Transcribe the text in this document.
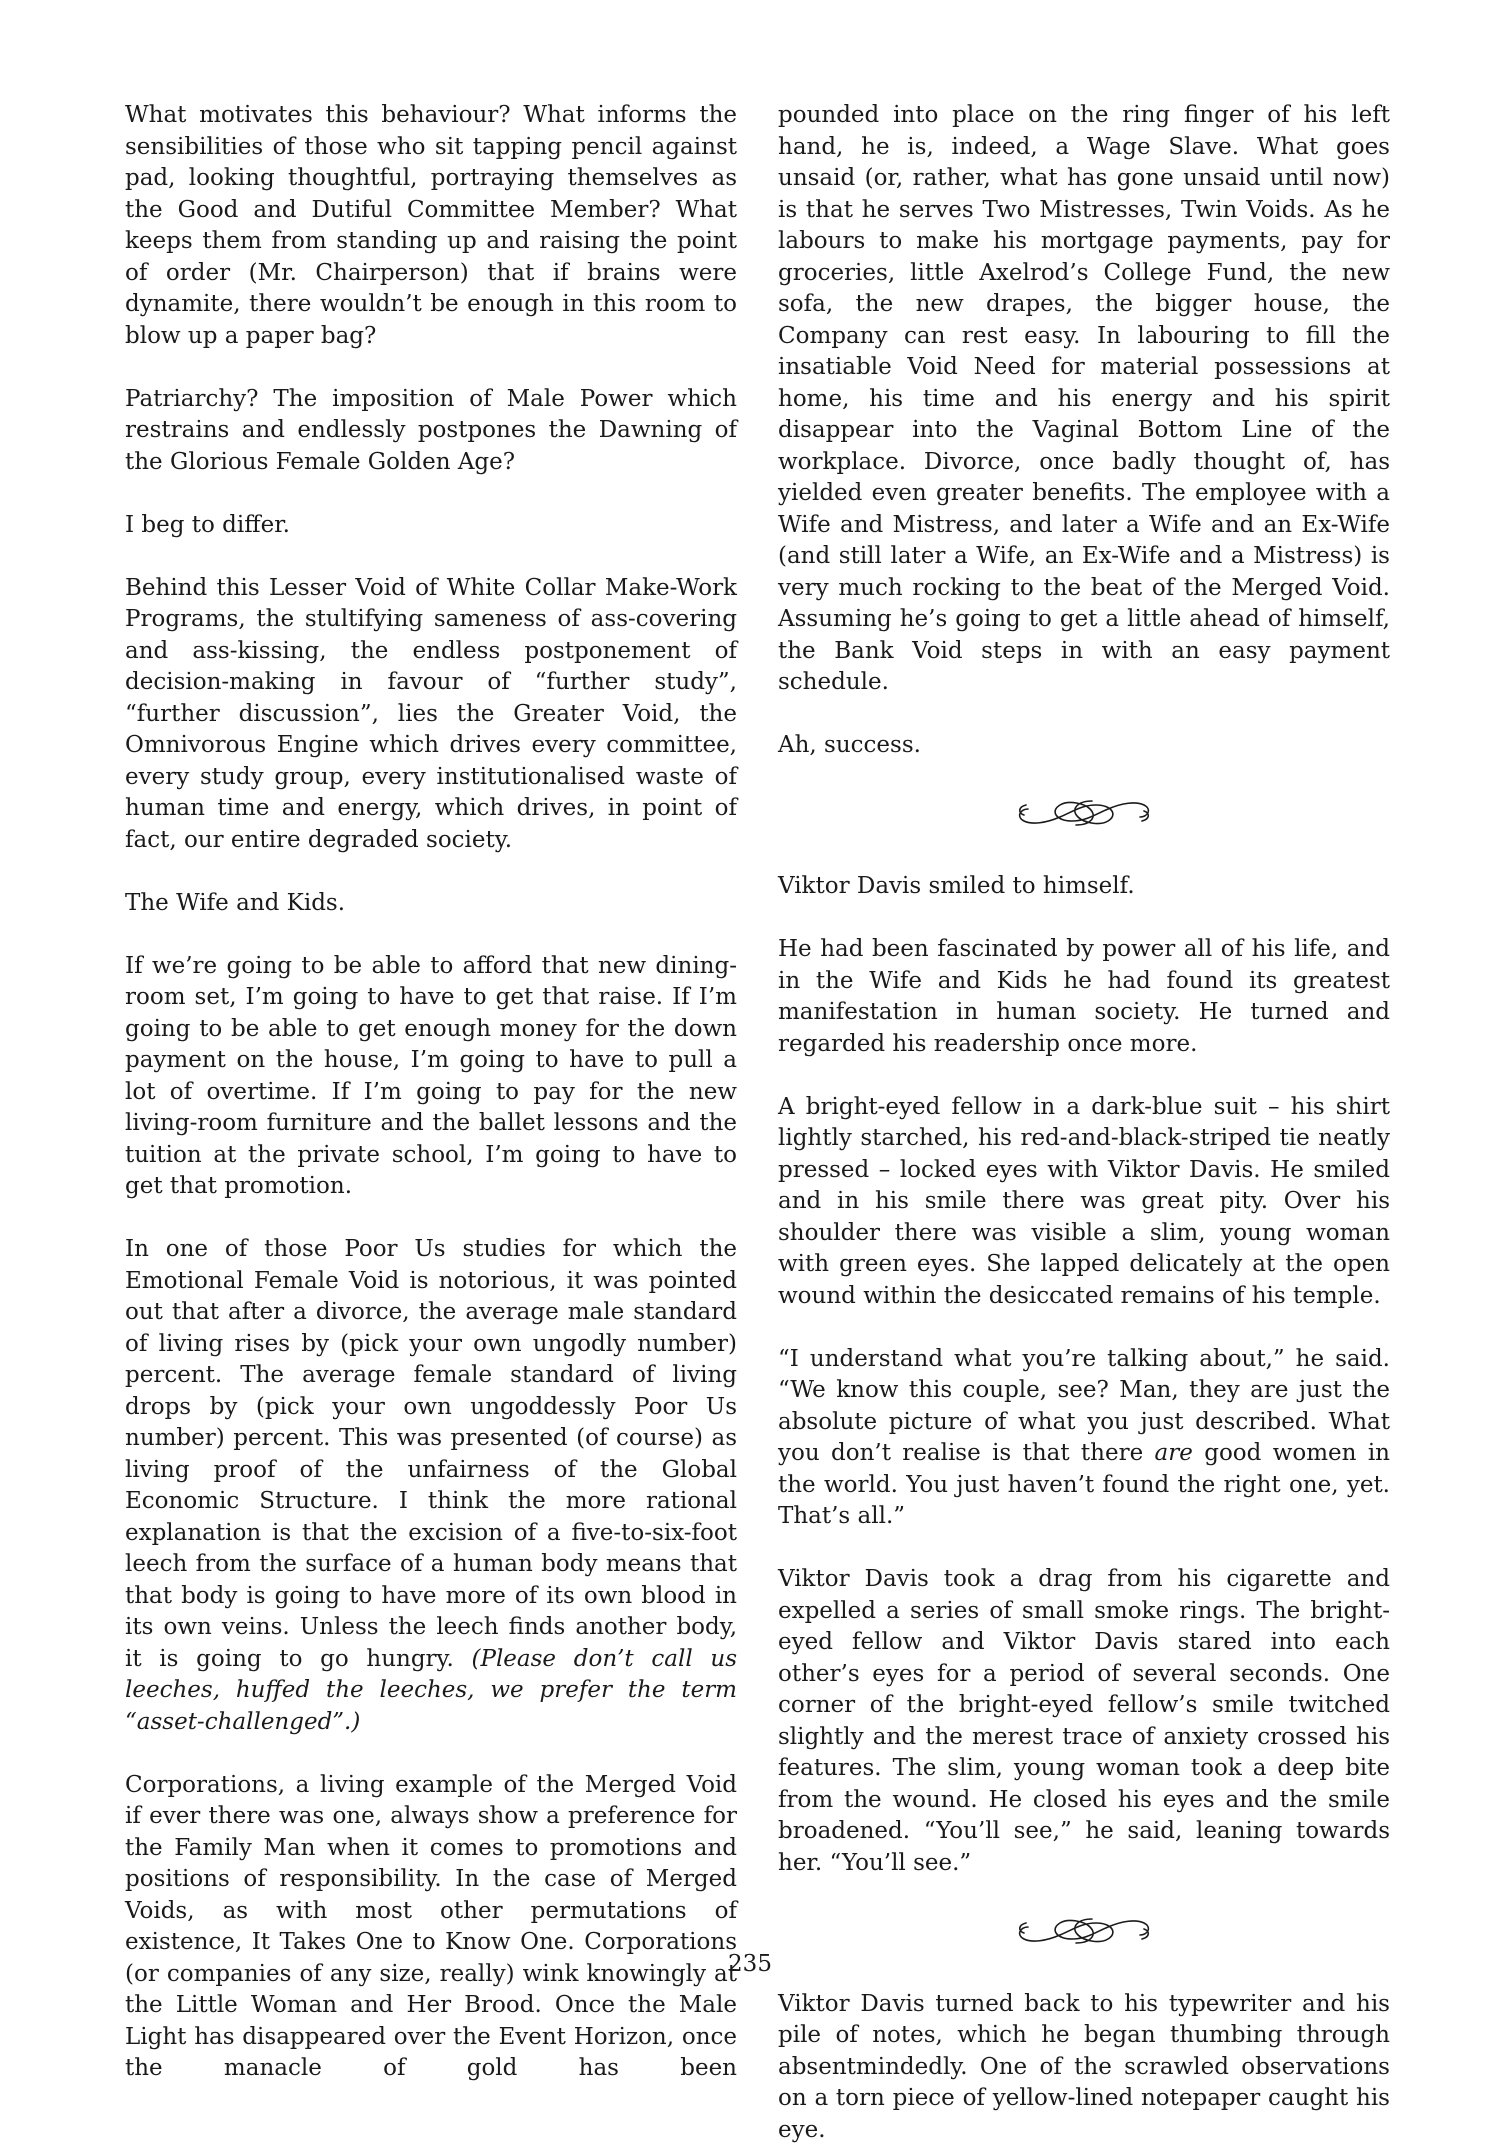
What motivates this behaviour? What informs the sensibilities of those who sit tapping pencil against pad, looking thoughtful, portraying themselves as the Good and Dutiful Committee Member? What keeps them from standing up and raising the point of order (Mr. Chairperson) that if brains were dynamite, there wouldn’t be enough in this room to blow up a paper bag?

Patriarchy? The imposition of Male Power which restrains and endlessly postpones the Dawning of the Glorious Female Golden Age?

I beg to differ.

Behind this Lesser Void of White Collar Make-Work Programs, the stultifying sameness of ass-covering and ass-kissing, the endless postponement of decision-making in favour of “further study”, “further discussion”, lies the Greater Void, the Omnivorous Engine which drives every committee, every study group, every institutionalised waste of human time and energy, which drives, in point of fact, our entire degraded society.

The Wife and Kids.

If we’re going to be able to afford that new dining-room set, I’m going to have to get that raise. If I’m going to be able to get enough money for the down payment on the house, I’m going to have to pull a lot of overtime. If I’m going to pay for the new living-room furniture and the ballet lessons and the tuition at the private school, I’m going to have to get that promotion.

In one of those Poor Us studies for which the Emotional Female Void is notorious, it was pointed out that after a divorce, the average male standard of living rises by (pick your own ungodly number) percent. The average female standard of living drops by (pick your own ungoddessly Poor Us number) percent. This was presented (of course) as living proof of the unfairness of the Global Economic Structure. I think the more rational explanation is that the excision of a five-to-six-foot leech from the surface of a human body means that that body is going to have more of its own blood in its own veins. Unless the leech finds another body, it is going to go hungry. (Please don’t call us leeches, huffed the leeches, we prefer the term “asset-challenged”.)

Corporations, a living example of the Merged Void if ever there was one, always show a preference for the Family Man when it comes to promotions and positions of responsibility. In the case of Merged Voids, as with most other permutations of existence, It Takes One to Know One. Corporations (or companies of any size, really) wink knowingly at the Little Woman and Her Brood. Once the Male Light has disappeared over the Event Horizon, once the manacle of gold has been

pounded into place on the ring finger of his left hand, he is, indeed, a Wage Slave. What goes unsaid (or, rather, what has gone unsaid until now) is that he serves Two Mistresses, Twin Voids. As he labours to make his mortgage payments, pay for groceries, little Axelrod’s College Fund, the new sofa, the new drapes, the bigger house, the Company can rest easy. In labouring to fill the insatiable Void Need for material possessions at home, his time and his energy and his spirit disappear into the Vaginal Bottom Line of the workplace. Divorce, once badly thought of, has yielded even greater benefits. The employee with a Wife and Mistress, and later a Wife and an Ex-Wife (and still later a Wife, an Ex-Wife and a Mistress) is very much rocking to the beat of the Merged Void. Assuming he’s going to get a little ahead of himself, the Bank Void steps in with an easy payment schedule.

Ah, success.

Viktor Davis smiled to himself.

He had been fascinated by power all of his life, and in the Wife and Kids he had found its greatest manifestation in human society. He turned and regarded his readership once more.

A bright-eyed fellow in a dark-blue suit – his shirt lightly starched, his red-and-black-striped tie neatly pressed – locked eyes with Viktor Davis. He smiled and in his smile there was great pity. Over his shoulder there was visible a slim, young woman with green eyes. She lapped delicately at the open wound within the desiccated remains of his temple.

“I understand what you’re talking about,” he said. “We know this couple, see? Man, they are just the absolute picture of what you just described. What you don’t realise is that there are good women in the world. You just haven’t found the right one, yet. That’s all.”

Viktor Davis took a drag from his cigarette and expelled a series of small smoke rings. The bright-eyed fellow and Viktor Davis stared into each other’s eyes for a period of several seconds. One corner of the bright-eyed fellow’s smile twitched slightly and the merest trace of anxiety crossed his features. The slim, young woman took a deep bite from the wound. He closed his eyes and the smile broadened. “You’ll see,” he said, leaning towards her. “You’ll see.”

Viktor Davis turned back to his typewriter and his pile of notes, which he began thumbing through absentmindedly. One of the scrawled observations on a torn piece of yellow-lined notepaper caught his eye.

235
